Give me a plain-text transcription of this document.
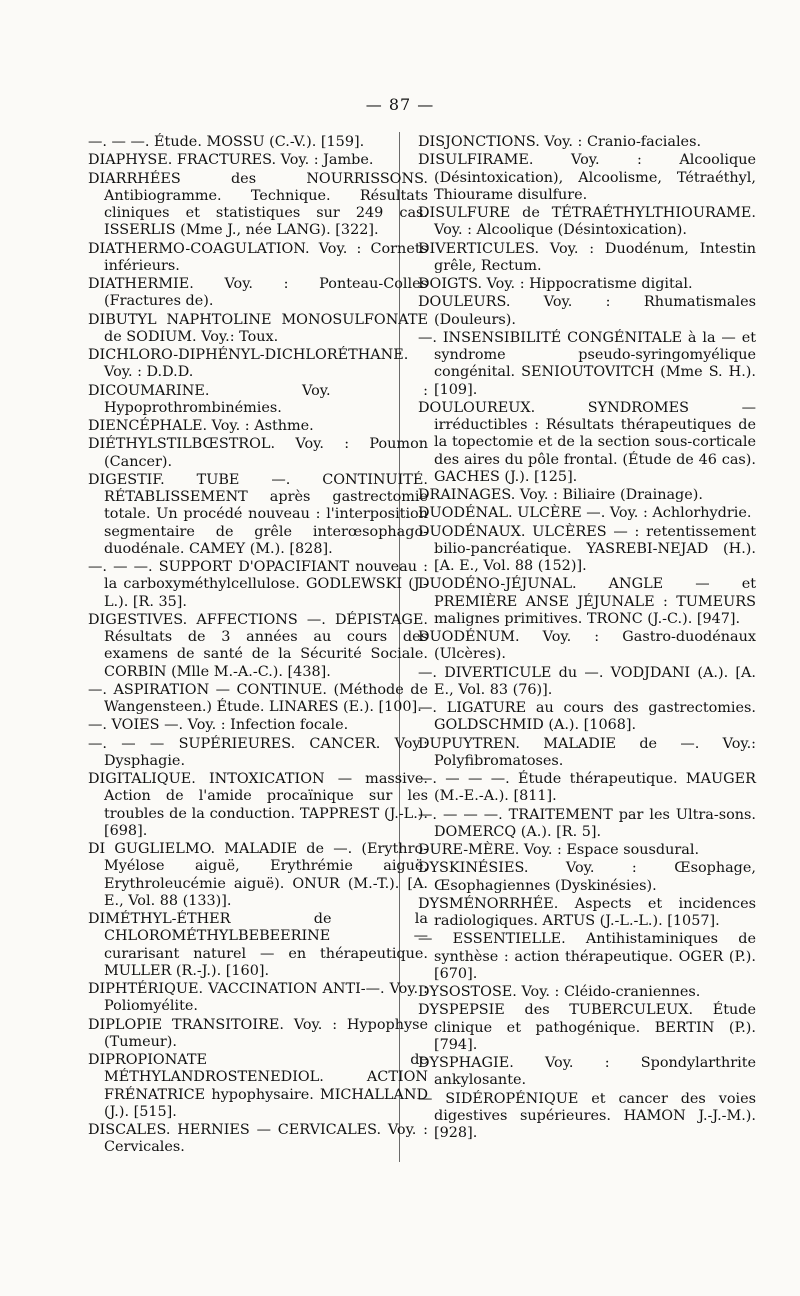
— 87 —

—. — —. Étude. MOSSU (C.-V.). [159].

DIAPHYSE. FRACTURES. Voy. : Jambe.

DIARRHÉES des NOURRISSONS. Antibiogramme. Technique. Résultats cliniques et statistiques sur 249 cas. ISSERLIS (Mme J., née LANG). [322].

DIATHERMO-COAGULATION. Voy. : Cornets inférieurs.

DIATHERMIE. Voy. : Ponteau-Colles (Fractures de).

DIBUTYL NAPHTOLINE MONOSULFONATE de SODIUM. Voy.: Toux.

DICHLORO-DIPHÉNYL-DICHLORÉTHANE. Voy. : D.D.D.

DICOUMARINE. Voy. : Hypoprothrombinémies.

DIENCÉPHALE. Voy. : Asthme.

DIÉTHYLSTILBŒSTROL. Voy. : Poumon (Cancer).

DIGESTIF. TUBE —. CONTINUITÉ. RÉTABLISSEMENT après gastrectomie totale. Un procédé nouveau : l'interposition segmentaire de grêle interœsophago-duodénale. CAMEY (M.). [828].

—. — —. SUPPORT D'OPACIFIANT nouveau : la carboxyméthylcellulose. GODLEWSKI (J.-L.). [R. 35].

DIGESTIVES. AFFECTIONS —. DÉPISTAGE. Résultats de 3 années au cours des examens de santé de la Sécurité Sociale. CORBIN (Mlle M.-A.-C.). [438].

—. ASPIRATION — CONTINUE. (Méthode de Wangensteen.) Étude. LINARES (E.). [100].

—. VOIES —. Voy. : Infection focale.

—. — — SUPÉRIEURES. CANCER. Voy.: Dysphagie.

DIGITALIQUE. INTOXICATION — massive. Action de l'amide procaïnique sur les troubles de la conduction. TAPPREST (J.-L.). [698].

DI GUGLIELMO. MALADIE de —. (Erythro-Myélose aiguë, Erythrémie aiguë, Erythroleucémie aiguë). ONUR (M.-T.). [A. E., Vol. 88 (133)].

DIMÉTHYL-ÉTHER de la CHLOROMÉTHYLBEBEERINE — curarisant naturel — en thérapeutique. MULLER (R.-J.). [160].

DIPHTÉRIQUE. VACCINATION ANTI-—. Voy. : Poliomyélite.

DIPLOPIE TRANSITOIRE. Voy. : Hypophyse (Tumeur).

DIPROPIONATE de MÉTHYLANDROSTENEDIOL. ACTION FRÉNATRICE hypophysaire. MICHALLAND (J.). [515].

DISCALES. HERNIES — CERVICALES. Voy. : Cervicales.

DISJONCTIONS. Voy. : Cranio-faciales.

DISULFIRAME. Voy. : Alcoolique (Désintoxication), Alcoolisme, Tétraéthyl, Thiourame disulfure.

DISULFURE de TÉTRAÉTHYLTHIOURAME. Voy. : Alcoolique (Désintoxication).

DIVERTICULES. Voy. : Duodénum, Intestin grêle, Rectum.

DOIGTS. Voy. : Hippocratisme digital.

DOULEURS. Voy. : Rhumatismales (Douleurs).

—. INSENSIBILITÉ CONGÉNITALE à la — et syndrome pseudo-syringomyélique congénital. SENIOUTOVITCH (Mme S. H.). [109].

DOULOUREUX. SYNDROMES — irréductibles : Résultats thérapeutiques de la topectomie et de la section sous-corticale des aires du pôle frontal. (Étude de 46 cas). GACHES (J.). [125].

DRAINAGES. Voy. : Biliaire (Drainage).

DUODÉNAL. ULCÈRE —. Voy. : Achlorhydrie.

DUODÉNAUX. ULCÈRES — : retentissement bilio-pancréatique. YASREBI-NEJAD (H.). [A. E., Vol. 88 (152)].

DUODÉNO-JÉJUNAL. ANGLE — et PREMIÈRE ANSE JÉJUNALE : TUMEURS malignes primitives. TRONC (J.-C.). [947].

DUODÉNUM. Voy. : Gastro-duodénaux (Ulcères).

—. DIVERTICULE du —. VODJDANI (A.). [A. E., Vol. 83 (76)].

—. LIGATURE au cours des gastrectomies. GOLDSCHMID (A.). [1068].

DUPUYTREN. MALADIE de —. Voy.: Polyfibromatoses.

—. — — —. Étude thérapeutique. MAUGER (M.-E.-A.). [811].

—. — — —. TRAITEMENT par les Ultra-sons. DOMERCQ (A.). [R. 5].

DURE-MÈRE. Voy. : Espace sousdural.

DYSKINÉSIES. Voy. : Œsophage, Œsophagiennes (Dyskinésies).

DYSMÉNORRHÉE. Aspects et incidences radiologiques. ARTUS (J.-L.-L.). [1057].

— ESSENTIELLE. Antihistaminiques de synthèse : action thérapeutique. OGER (P.). [670].

DYSOSTOSE. Voy. : Cléido-craniennes.

DYSPEPSIE des TUBERCULEUX. Étude clinique et pathogénique. BERTIN (P.). [794].

DYSPHAGIE. Voy. : Spondylarthrite ankylosante.

— SIDÉROPÉNIQUE et cancer des voies digestives supérieures. HAMON J.-J.-M.). [928].
